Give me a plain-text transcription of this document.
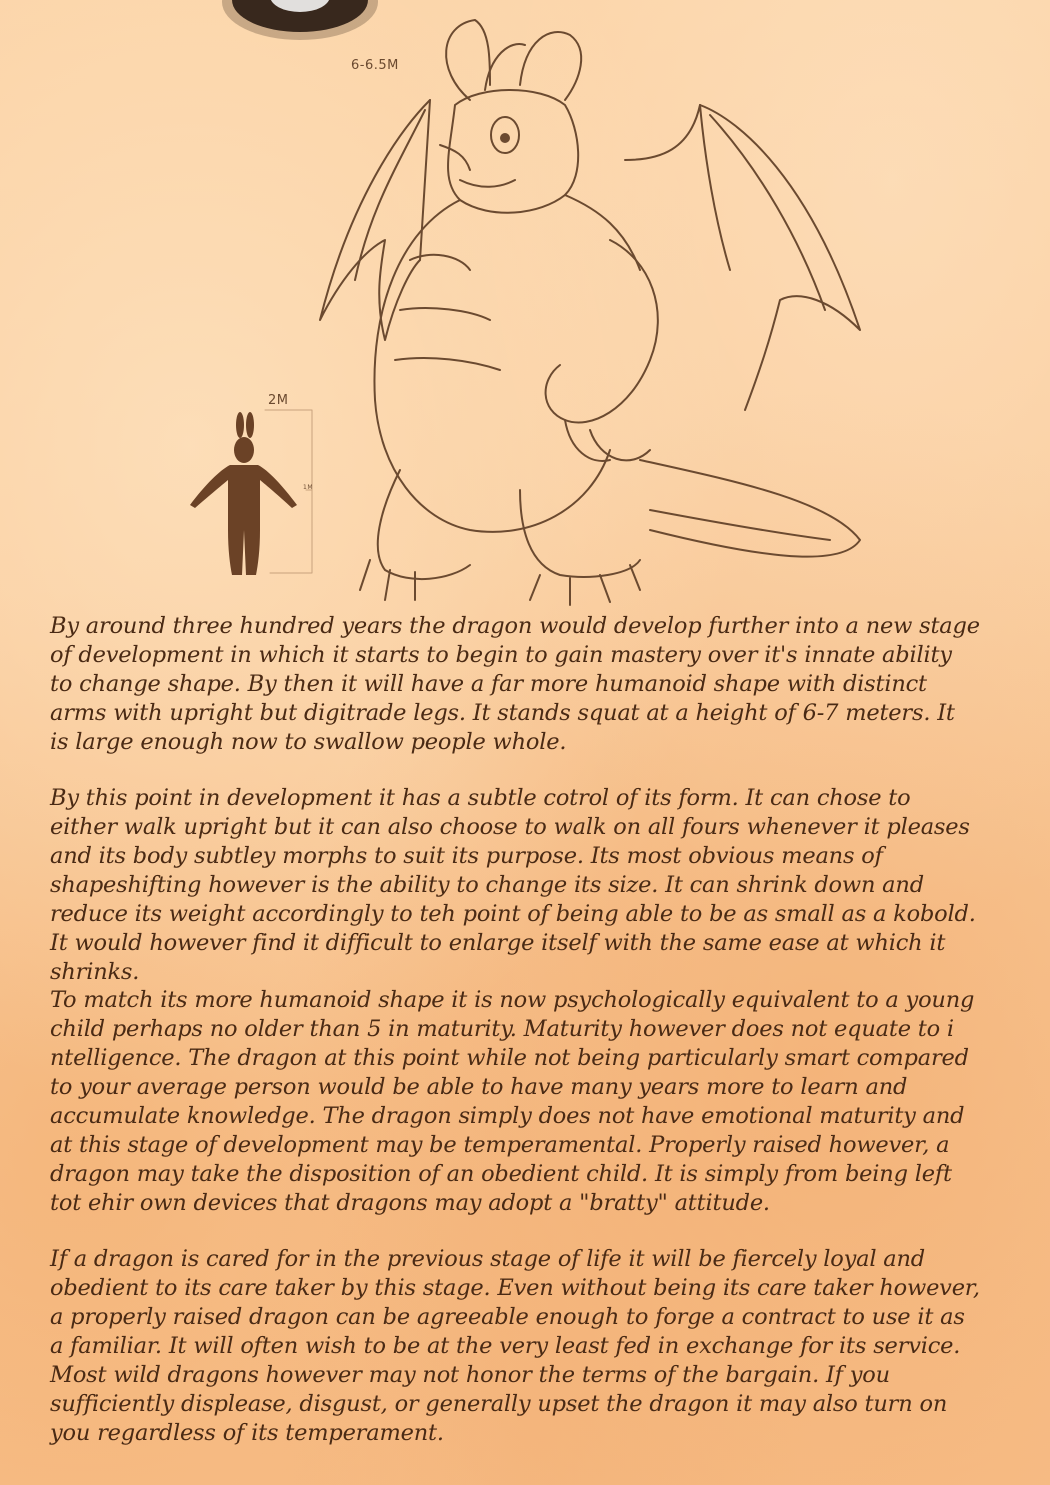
6-6.5M
2M
1M

By around three hundred years the dragon would develop further into a new stage of development in which it starts to begin to gain mastery over it's innate ability to change shape. By then it will have a far more humanoid shape with distinct arms with upright but digitrade legs. It stands squat at a height of 6-7 meters. It is large enough now to swallow people whole.

By this point in development it has a subtle cotrol of its form. It can chose to either walk upright but it can also choose to walk on all fours whenever it pleases and its body subtley morphs to suit its purpose. Its most obvious means of shapeshifting however is the ability to change its size. It can shrink down and reduce its weight accordingly to teh point of being able to be as small as a kobold. It would however find it difficult to enlarge itself with the same ease at which it shrinks.

To match its more humanoid shape it is now psychologically equivalent to a young child perhaps no older than 5 in maturity. Maturity however does not equate to i ntelligence. The dragon at this point while not being particularly smart compared to your average person would be able to have many years more to learn and accumulate knowledge. The dragon simply does not have emotional maturity and at this stage of development may be temperamental. Properly raised however, a dragon may take the disposition of an obedient child. It is simply from being left tot ehir own devices that dragons may adopt a "bratty" attitude.

If a dragon is cared for in the previous stage of life it will be fiercely loyal and obedient to its care taker by this stage. Even without being its care taker however, a properly raised dragon can be agreeable enough to forge a contract to use it as a familiar. It will often wish to be at the very least fed in exchange for its service. Most wild dragons however may not honor the terms of the bargain. If you sufficiently displease, disgust, or generally upset the dragon it may also turn on you regardless of its temperament.
